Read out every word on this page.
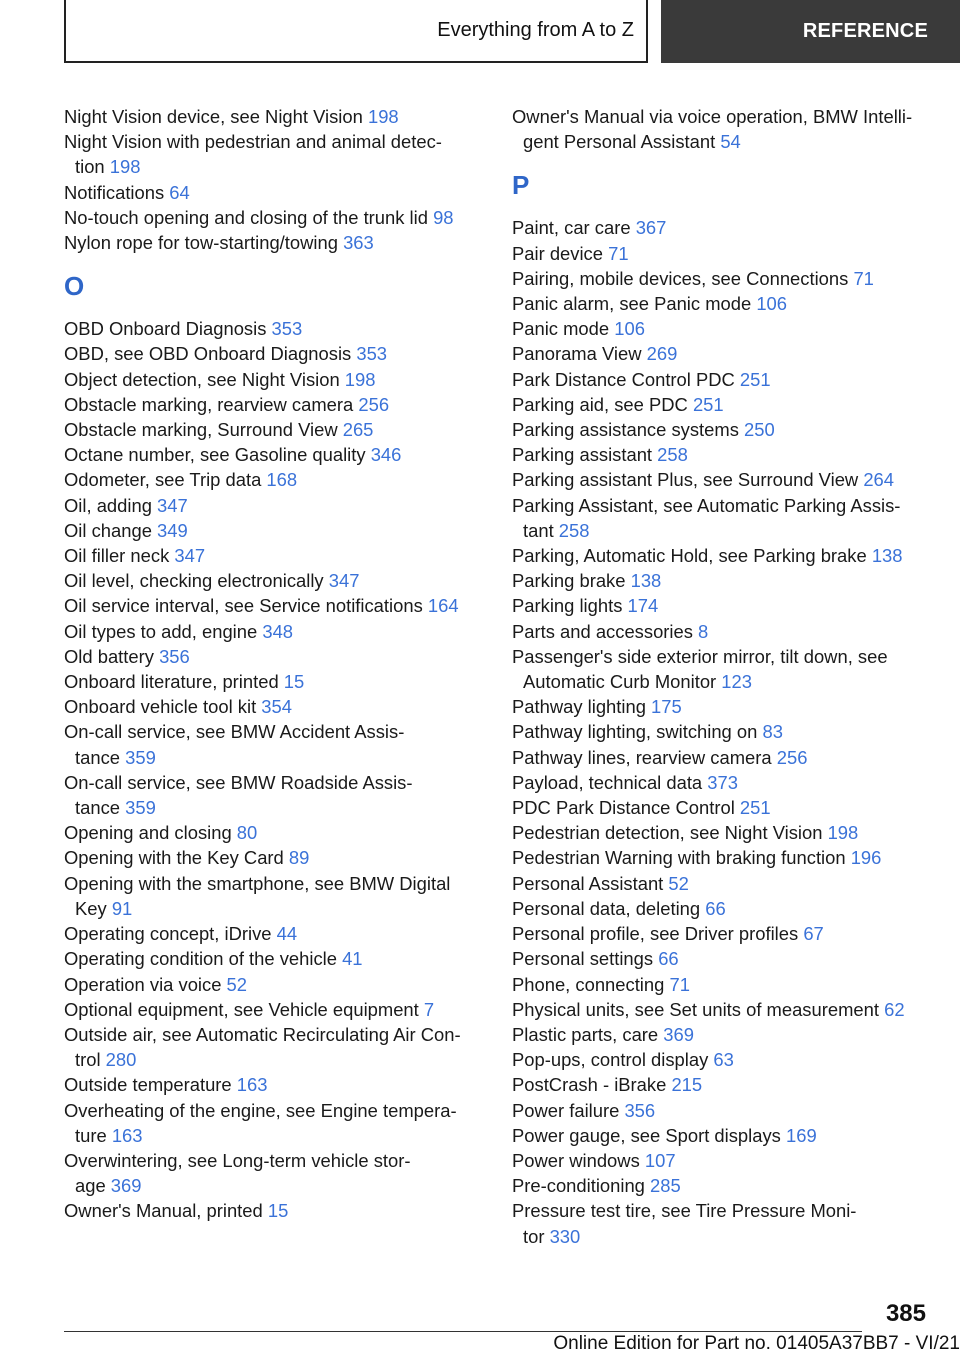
Everything from A to Z	REFERENCE
Night Vision device, see Night Vision 198
Night Vision with pedestrian and animal detec-
tion 198
Notifications 64
No-touch opening and closing of the trunk lid 98
Nylon rope for tow-starting/towing 363
O
OBD Onboard Diagnosis 353
OBD, see OBD Onboard Diagnosis 353
Object detection, see Night Vision 198
Obstacle marking, rearview camera 256
Obstacle marking, Surround View 265
Octane number, see Gasoline quality 346
Odometer, see Trip data 168
Oil, adding 347
Oil change 349
Oil filler neck 347
Oil level, checking electronically 347
Oil service interval, see Service notifications 164
Oil types to add, engine 348
Old battery 356
Onboard literature, printed 15
Onboard vehicle tool kit 354
On-call service, see BMW Accident Assis-
tance 359
On-call service, see BMW Roadside Assis-
tance 359
Opening and closing 80
Opening with the Key Card 89
Opening with the smartphone, see BMW Digital
Key 91
Operating concept, iDrive 44
Operating condition of the vehicle 41
Operation via voice 52
Optional equipment, see Vehicle equipment 7
Outside air, see Automatic Recirculating Air Con-
trol 280
Outside temperature 163
Overheating of the engine, see Engine tempera-
ture 163
Overwintering, see Long-term vehicle stor-
age 369
Owner's Manual, printed 15
Owner's Manual via voice operation, BMW Intelli-
gent Personal Assistant 54
P
Paint, car care 367
Pair device 71
Pairing, mobile devices, see Connections 71
Panic alarm, see Panic mode 106
Panic mode 106
Panorama View 269
Park Distance Control PDC 251
Parking aid, see PDC 251
Parking assistance systems 250
Parking assistant 258
Parking assistant Plus, see Surround View 264
Parking Assistant, see Automatic Parking Assis-
tant 258
Parking, Automatic Hold, see Parking brake 138
Parking brake 138
Parking lights 174
Parts and accessories 8
Passenger's side exterior mirror, tilt down, see
Automatic Curb Monitor 123
Pathway lighting 175
Pathway lighting, switching on 83
Pathway lines, rearview camera 256
Payload, technical data 373
PDC Park Distance Control 251
Pedestrian detection, see Night Vision 198
Pedestrian Warning with braking function 196
Personal Assistant 52
Personal data, deleting 66
Personal profile, see Driver profiles 67
Personal settings 66
Phone, connecting 71
Physical units, see Set units of measurement 62
Plastic parts, care 369
Pop-ups, control display 63
PostCrash - iBrake 215
Power failure 356
Power gauge, see Sport displays 169
Power windows 107
Pre-conditioning 285
Pressure test tire, see Tire Pressure Moni-
tor 330
385
Online Edition for Part no. 01405A37BB7 - VI/21
